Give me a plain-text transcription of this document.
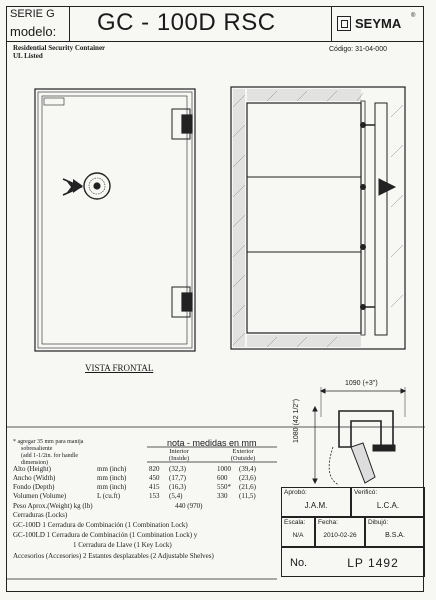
SERIE G
modelo: GC - 100D RSC	SEYMA ®
Residential Security Container
UL Listed
Código: 31-04-000
VISTA FRONTAL
1090 (+3")
1080 (42 1/2")
* agregar 35 mm para manija
sobresaliente
(add 1-1/2in. for handle
dimension)
nota - medidas en mm
Interior
(Inside)
Exterior
(Outside)
Alto (Height)	mm (inch)	820 (32,3)	1000 (39,4)
Ancho (Width)	mm (inch)	450 (17,7)	600 (23,6)
Fondo (Depth)	mm (inch)	415 (16,3)	550* (21,6)
Volumen (Volume)	L (cu.ft)	153 (5,4)	330 (11,5)
Peso Aprox.(Weight) kg (lb)	440 (970)
Cerraduras (Locks)
GC-100D 1 Cerradura de Combinación (1 Combination Lock)
GC-100LD 1 Cerradura de Combinación (1 Combination Lock) y
1 Cerradura de Llave (1 Key Lock)
Accesorios (Accesories) 2 Estantes desplazables (2 Adjustable Shelves)
Aprobó:
J.A.M.
Verificó:
L.C.A.
Escala:
N/A
Fecha:
2010-02-26
Dibujó:
B.S.A.
No.	LP 1492
